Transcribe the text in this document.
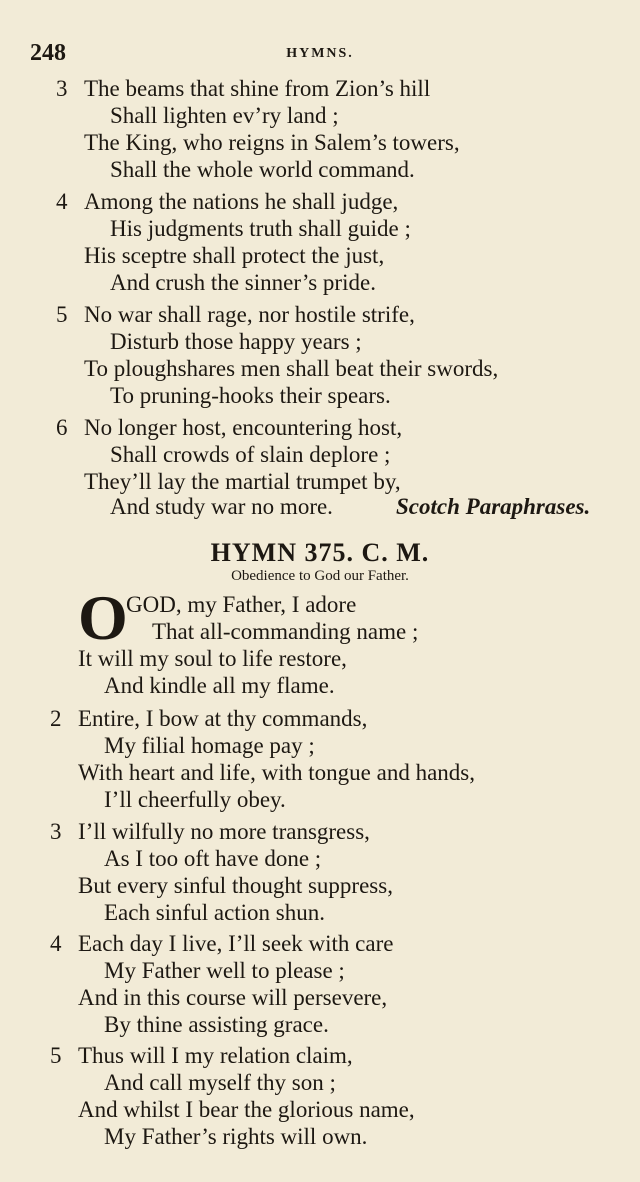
248	HYMNS.
3 The beams that shine from Zion’s hill
Shall lighten ev’ry land ;
The King, who reigns in Salem’s towers,
Shall the whole world command.
4 Among the nations he shall judge,
His judgments truth shall guide ;
His sceptre shall protect the just,
And crush the sinner’s pride.
5 No war shall rage, nor hostile strife,
Disturb those happy years ;
To ploughshares men shall beat their swords,
To pruning-hooks their spears.
6 No longer host, encountering host,
Shall crowds of slain deplore ;
They’ll lay the martial trumpet by,
And study war no more.	Scotch Paraphrases.
HYMN 375. C. M.
Obedience to God our Father.
O
GOD, my Father, I adore
That all-commanding name ;
It will my soul to life restore,
And kindle all my flame.
2 Entire, I bow at thy commands,
My filial homage pay ;
With heart and life, with tongue and hands,
I’ll cheerfully obey.
3 I’ll wilfully no more transgress,
As I too oft have done ;
But every sinful thought suppress,
Each sinful action shun.
4 Each day I live, I’ll seek with care
My Father well to please ;
And in this course will persevere,
By thine assisting grace.
5 Thus will I my relation claim,
And call myself thy son ;
And whilst I bear the glorious name,
My Father’s rights will own.
